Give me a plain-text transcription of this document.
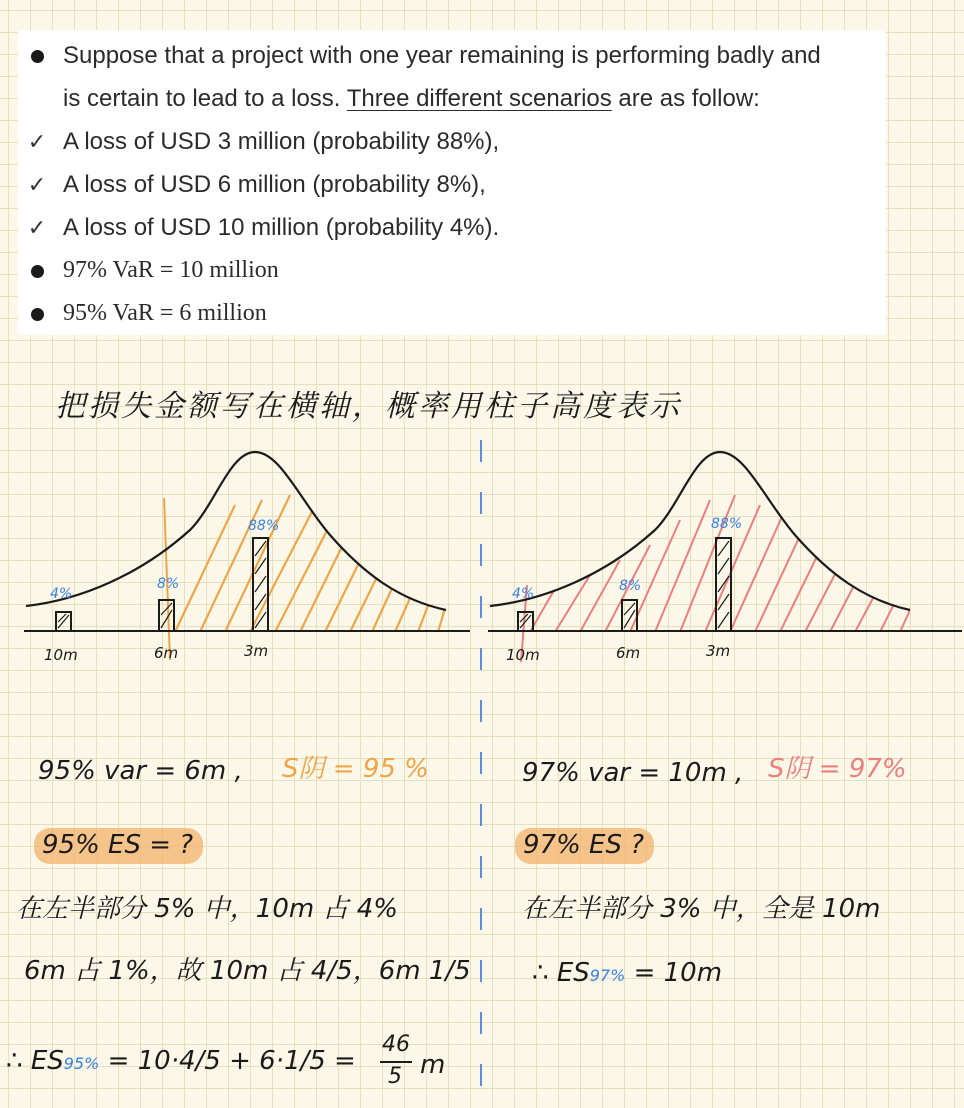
Suppose that a project with one year remaining is performing badly and
is certain to lead to a loss. Three different scenarios are as follow:
✓ A loss of USD 3 million (probability 88%),
✓ A loss of USD 6 million (probability 8%),
✓ A loss of USD 10 million (probability 4%).
97% VaR = 10 million
95% VaR = 6 million
4%
8%
88%
10m	6m	3m
4%	8%
88%
10m	6m	3m
把损失金额写在横轴，概率用柱子高度表示
95% var = 6m , S阴 = 95 %
95% ES = ?
在左半部分 5% 中，10m 占 4%
6m 占 1%，故 10m 占 4/5，6m 1/5
∴ ES95% = 10·4/5 + 6·1/5 =
46
5 m
97% var = 10m , S阴 = 97%
97% ES ?
在左半部分 3% 中，全是 10m
∴ ES97% = 10m
